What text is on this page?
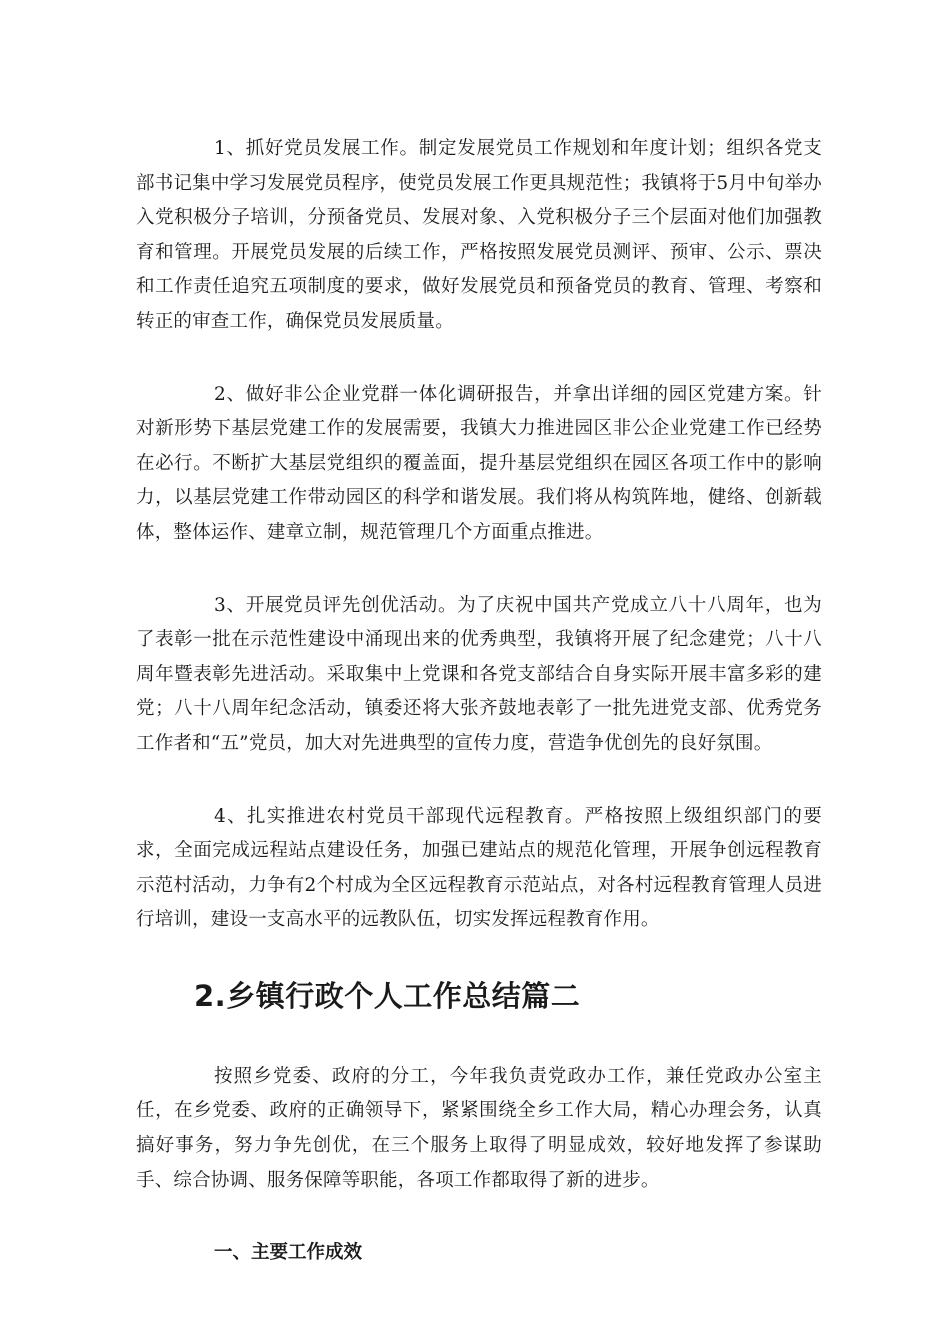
1、抓好党员发展工作。制定发展党员工作规划和年度计划；组织各党支部书记集中学习发展党员程序，使党员发展工作更具规范性；我镇将于5月中旬举办入党积极分子培训，分预备党员、发展对象、入党积极分子三个层面对他们加强教育和管理。开展党员发展的后续工作，严格按照发展党员测评、预审、公示、票决和工作责任追究五项制度的要求，做好发展党员和预备党员的教育、管理、考察和转正的审查工作，确保党员发展质量。

2、做好非公企业党群一体化调研报告，并拿出详细的园区党建方案。针对新形势下基层党建工作的发展需要，我镇大力推进园区非公企业党建工作已经势在必行。不断扩大基层党组织的覆盖面，提升基层党组织在园区各项工作中的影响力，以基层党建工作带动园区的科学和谐发展。我们将从构筑阵地，健络、创新载体，整体运作、建章立制，规范管理几个方面重点推进。

3、开展党员评先创优活动。为了庆祝中国共产党成立八十八周年，也为了表彰一批在示范性建设中涌现出来的优秀典型，我镇将开展了纪念建党；八十八周年暨表彰先进活动。采取集中上党课和各党支部结合自身实际开展丰富多彩的建党；八十八周年纪念活动，镇委还将大张齐鼓地表彰了一批先进党支部、优秀党务工作者和“五”党员，加大对先进典型的宣传力度，营造争优创先的良好氛围。

4、扎实推进农村党员干部现代远程教育。严格按照上级组织部门的要求，全面完成远程站点建设任务，加强已建站点的规范化管理，开展争创远程教育示范村活动，力争有2个村成为全区远程教育示范站点，对各村远程教育管理人员进行培训，建设一支高水平的远教队伍，切实发挥远程教育作用。

2.乡镇行政个人工作总结篇二

按照乡党委、政府的分工，今年我负责党政办工作，兼任党政办公室主任，在乡党委、政府的正确领导下，紧紧围绕全乡工作大局，精心办理会务，认真搞好事务，努力争先创优，在三个服务上取得了明显成效，较好地发挥了参谋助手、综合协调、服务保障等职能，各项工作都取得了新的进步。

一、主要工作成效
